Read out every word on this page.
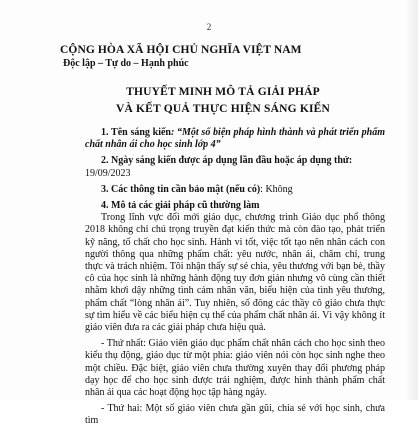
2
CỘNG HÒA XÃ HỘI CHỦ NGHĨA VIỆT NAM
Độc lập – Tự do – Hạnh phúc
THUYẾT MINH MÔ TẢ GIẢI PHÁP
VÀ KẾT QUẢ THỰC HIỆN SÁNG KIẾN

1. Tên sáng kiến: “Một số biện pháp hình thành và phát triển phẩm chất nhân ái cho học sinh lớp 4”

2. Ngày sáng kiến được áp dụng lần đầu hoặc áp dụng thử:
19/09/2023

3. Các thông tin cần bảo mật (nếu có): Không

4. Mô tả các giải pháp cũ thường làm

Trong lĩnh vực đổi mới giáo dục, chương trình Giáo dục phổ thông 2018 không chỉ chú trọng truyền đạt kiến thức mà còn đào tạo, phát triển kỹ năng, tố chất cho học sinh. Hành vi tốt, việc tốt tạo nên nhân cách con người thông qua những phẩm chất: yêu nước, nhân ái, chăm chỉ, trung thực và trách nhiệm. Tôi nhận thấy sự sẻ chia, yêu thương với bạn bè, thầy cô của học sinh là những hành động tuy đơn giản nhưng vô cùng cần thiết nhằm khơi dậy những tình cảm nhân văn, biểu hiện của tình yêu thương, phẩm chất “lòng nhân ái”. Tuy nhiên, số đông các thầy cô giáo chưa thực sự tìm hiểu về các biểu hiện cụ thể của phẩm chất nhân ái. Vì vậy không ít giáo viên đưa ra các giải pháp chưa hiệu quả.

- Thứ nhất: Giáo viên giáo dục phẩm chất nhân cách cho học sinh theo kiểu thụ động, giáo dục từ một phía: giáo viên nói còn học sinh nghe theo một chiều. Đặc biệt, giáo viên chưa thường xuyên thay đổi phương pháp dạy học để cho học sinh được trải nghiệm, được hình thành phẩm chất nhân ái qua các hoạt động học tập hàng ngày.

- Thứ hai: Một số giáo viên chưa gần gũi, chia sẻ với học sinh, chưa tìm
